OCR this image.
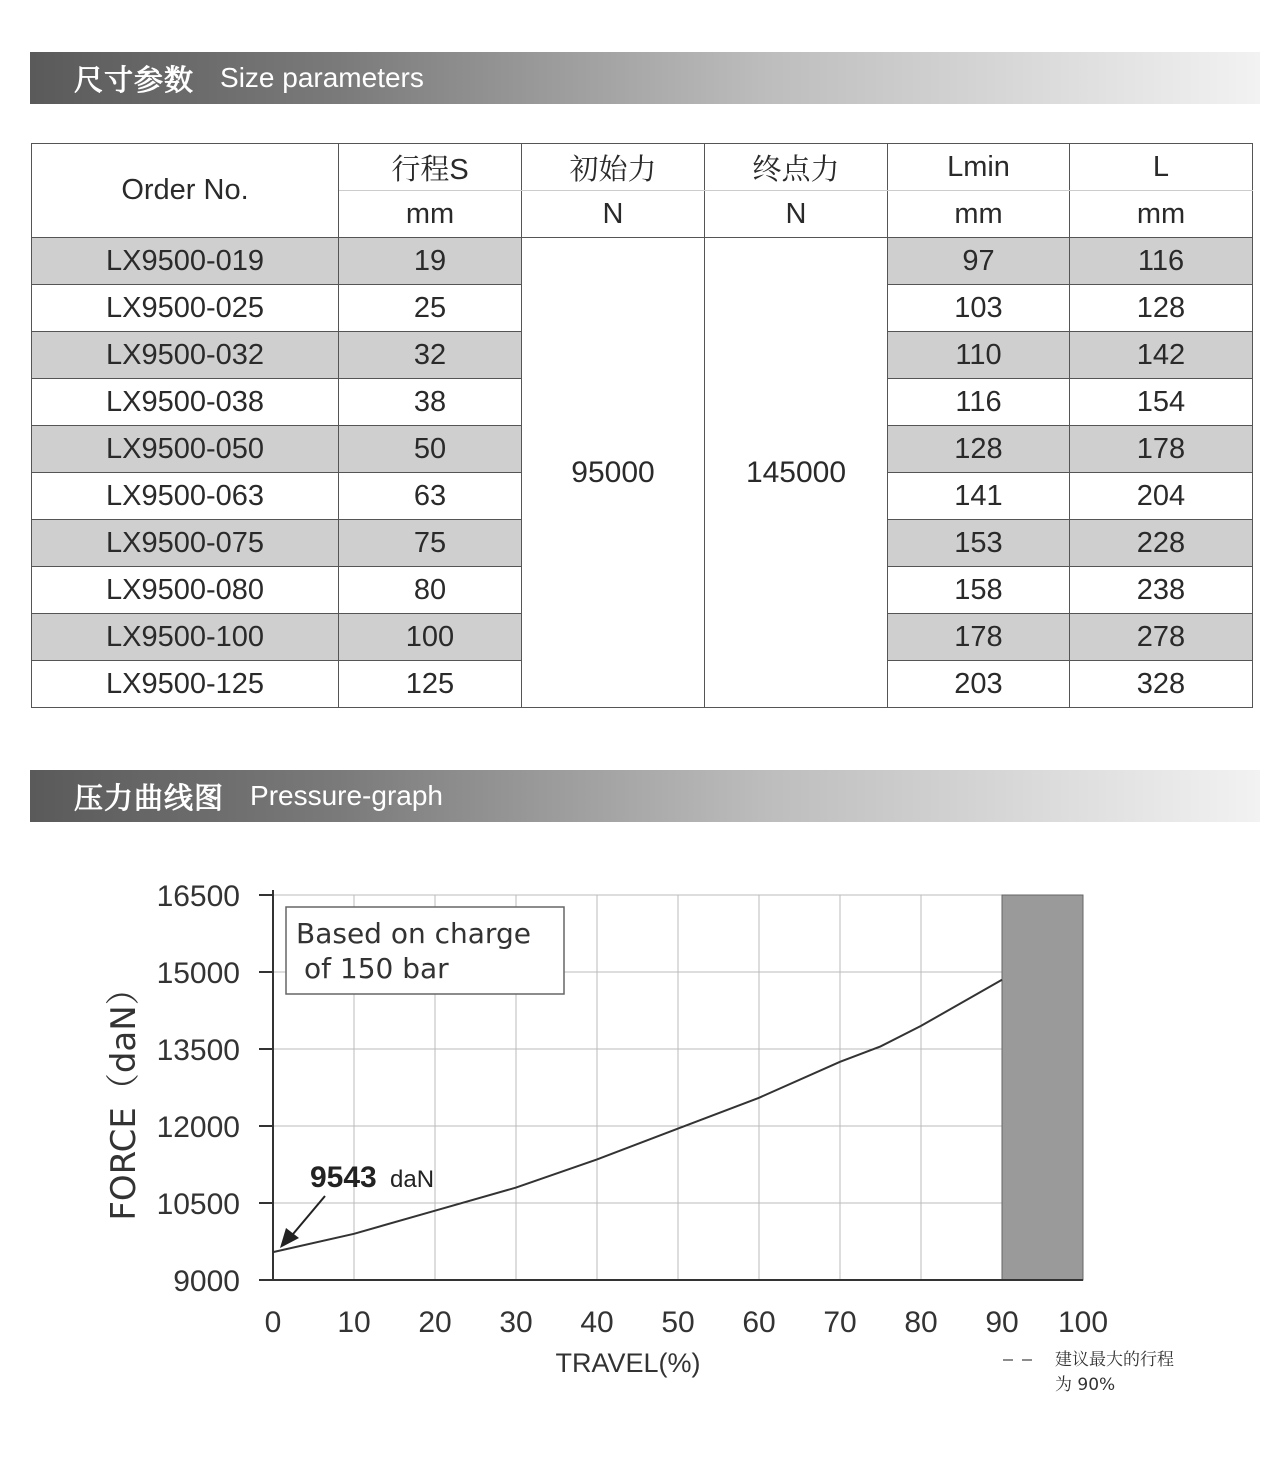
尺寸参数 Size parameters
Order No.	行程S	初始力	终点力	Lmin	L
	mm	N	N	mm	mm
LX9500-019	19	95000	145000	97	116
LX9500-025	25			103	128
LX9500-032	32			110	142
LX9500-038	38			116	154
LX9500-050	50			128	178
LX9500-063	63			141	204
LX9500-075	75			153	228
LX9500-080	80			158	238
LX9500-100	100			178	278
LX9500-125	125			203	328
压力曲线图 Pressure-graph
16500
15000
13500
12000
10500
9000
0 10 20 30 40 50 60 70 80 90 100
Based on charge
of 150 bar
9543 daN
TRAVEL(%)
FORCE（daN）
建议最大的行程
为 90%
